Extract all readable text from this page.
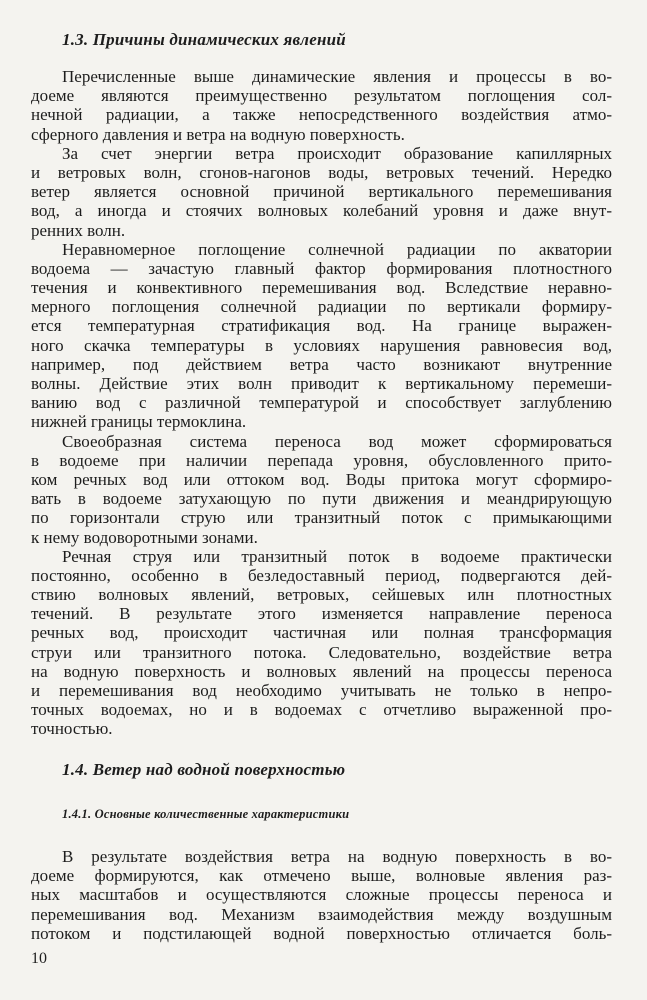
1.3. Причины динамических явлений
Перечисленные выше динамические явления и процессы в во-
доеме являются преимущественно результатом поглощения сол-
нечной радиации, а также непосредственного воздействия атмо-
сферного давления и ветра на водную поверхность.
За счет энергии ветра происходит образование капиллярных
и ветровых волн, сгонов-нагонов воды, ветровых течений. Нередко
ветер является основной причиной вертикального перемешивания
вод, а иногда и стоячих волновых колебаний уровня и даже внут-
ренних волн.
Неравномерное поглощение солнечной радиации по акватории
водоема — зачастую главный фактор формирования плотностного
течения и конвективного перемешивания вод. Вследствие неравно-
мерного поглощения солнечной радиации по вертикали формиру-
ется температурная стратификация вод. На границе выражен-
ного скачка температуры в условиях нарушения равновесия вод,
например, под действием ветра часто возникают внутренние
волны. Действие этих волн приводит к вертикальному перемеши-
ванию вод с различной температурой и способствует заглублению
нижней границы термоклина.
Своеобразная система переноса вод может сформироваться
в водоеме при наличии перепада уровня, обусловленного прито-
ком речных вод или оттоком вод. Воды притока могут сформиро-
вать в водоеме затухающую по пути движения и меандрирующую
по горизонтали струю или транзитный поток с примыкающими
к нему водоворотными зонами.
Речная струя или транзитный поток в водоеме практически
постоянно, особенно в безледоставный период, подвергаются дей-
ствию волновых явлений, ветровых, сейшевых илн плотностных
течений. В результате этого изменяется направление переноса
речных вод, происходит частичная или полная трансформация
струи или транзитного потока. Следовательно, воздействие ветра
на водную поверхность и волновых явлений на процессы переноса
и перемешивания вод необходимо учитывать не только в непро-
точных водоемах, но и в водоемах с отчетливо выраженной про-
точностью.
1.4. Ветер над водной поверхностью
1.4.1. Основные количественные характеристики
В результате воздействия ветра на водную поверхность в во-
доеме формируются, как отмечено выше, волновые явления раз-
ных масштабов и осуществляются сложные процессы переноса и
перемешивания вод. Механизм взаимодействия между воздушным
потоком и подстилающей водной поверхностью отличается боль-
10
